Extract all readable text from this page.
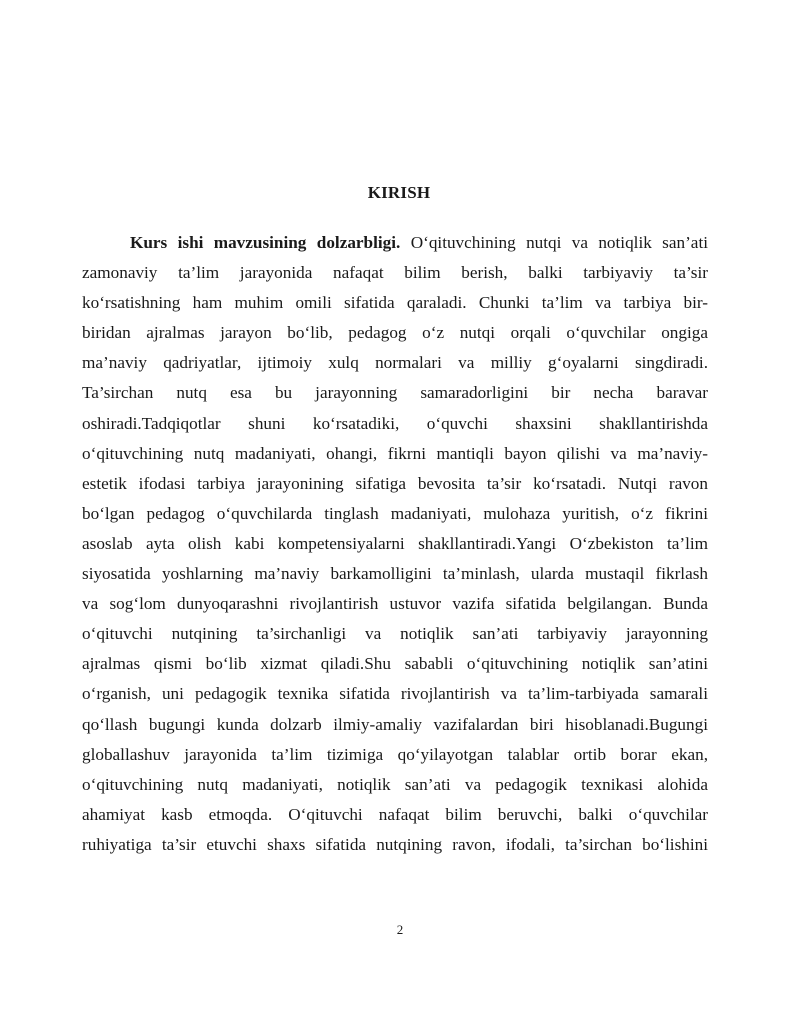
KIRISH
Kurs ishi mavzusining dolzarbligi. O‘qituvchining nutqi va notiqlik san’ati
zamonaviy ta’lim jarayonida nafaqat bilim berish, balki tarbiyaviy ta’sir
ko‘rsatishning ham muhim omili sifatida qaraladi. Chunki ta’lim va tarbiya bir-
biridan ajralmas jarayon bo‘lib, pedagog o‘z nutqi orqali o‘quvchilar ongiga
ma’naviy qadriyatlar, ijtimoiy xulq normalari va milliy g‘oyalarni singdiradi.
Ta’sirchan nutq esa bu jarayonning samaradorligini bir necha baravar
oshiradi.Tadqiqotlar shuni ko‘rsatadiki, o‘quvchi shaxsini shakllantirishda
o‘qituvchining nutq madaniyati, ohangi, fikrni mantiqli bayon qilishi va ma’naviy-
estetik ifodasi tarbiya jarayonining sifatiga bevosita ta’sir ko‘rsatadi. Nutqi ravon
bo‘lgan pedagog o‘quvchilarda tinglash madaniyati, mulohaza yuritish, o‘z fikrini
asoslab ayta olish kabi kompetensiyalarni shakllantiradi.Yangi O‘zbekiston ta’lim
siyosatida yoshlarning ma’naviy barkamolligini ta’minlash, ularda mustaqil fikrlash
va sog‘lom dunyoqarashni rivojlantirish ustuvor vazifa sifatida belgilangan. Bunda
o‘qituvchi nutqining ta’sirchanligi va notiqlik san’ati tarbiyaviy jarayonning
ajralmas qismi bo‘lib xizmat qiladi.Shu sababli o‘qituvchining notiqlik san’atini
o‘rganish, uni pedagogik texnika sifatida rivojlantirish va ta’lim-tarbiyada samarali
qo‘llash bugungi kunda dolzarb ilmiy-amaliy vazifalardan biri hisoblanadi.Bugungi
globallashuv jarayonida ta’lim tizimiga qo‘yilayotgan talablar ortib borar ekan,
o‘qituvchining nutq madaniyati, notiqlik san’ati va pedagogik texnikasi alohida
ahamiyat kasb etmoqda. O‘qituvchi nafaqat bilim beruvchi, balki o‘quvchilar
ruhiyatiga ta’sir etuvchi shaxs sifatida nutqining ravon, ifodali, ta’sirchan bo‘lishini
2
